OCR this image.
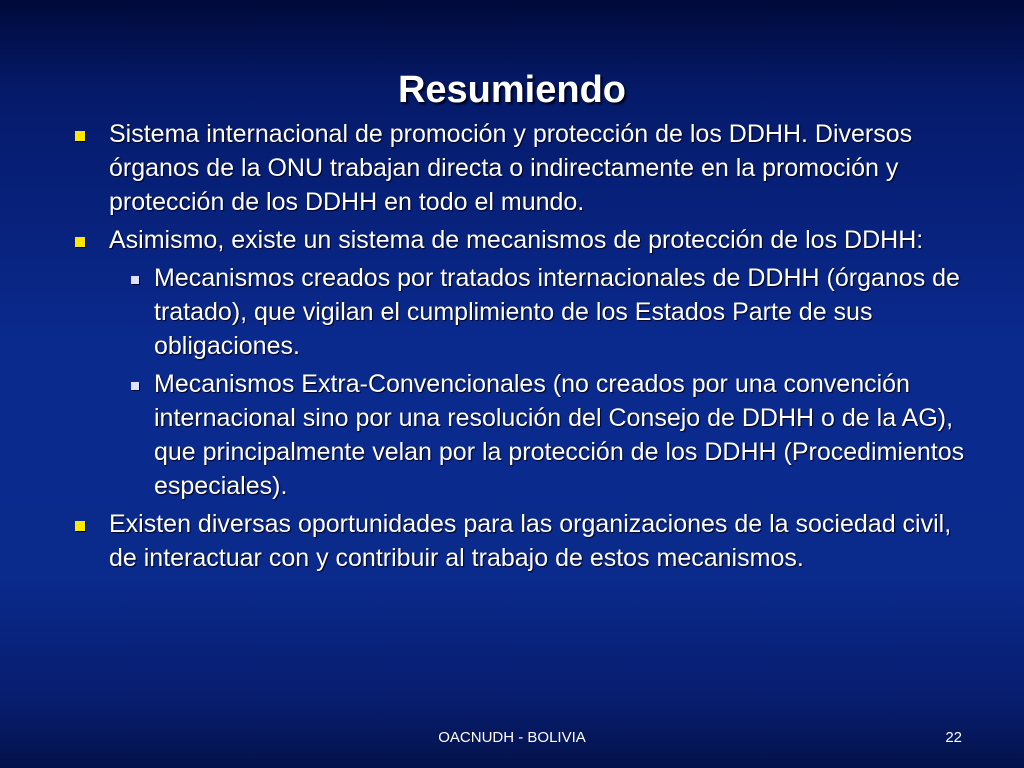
Resumiendo
Sistema internacional de promoción y protección de los DDHH. Diversos órganos de la ONU trabajan directa o indirectamente en la promoción y protección de los DDHH en todo el mundo.
Asimismo, existe un sistema de mecanismos de protección de los DDHH:
Mecanismos creados por tratados internacionales de DDHH (órganos de tratado), que vigilan el cumplimiento de los Estados Parte de sus obligaciones.
Mecanismos Extra-Convencionales (no creados por una convención internacional sino por una resolución del Consejo de DDHH o de la AG), que principalmente velan por la protección de los DDHH (Procedimientos especiales).
Existen diversas oportunidades para las organizaciones de la sociedad civil, de interactuar con y contribuir al trabajo de estos mecanismos.
OACNUDH - BOLIVIA	22
